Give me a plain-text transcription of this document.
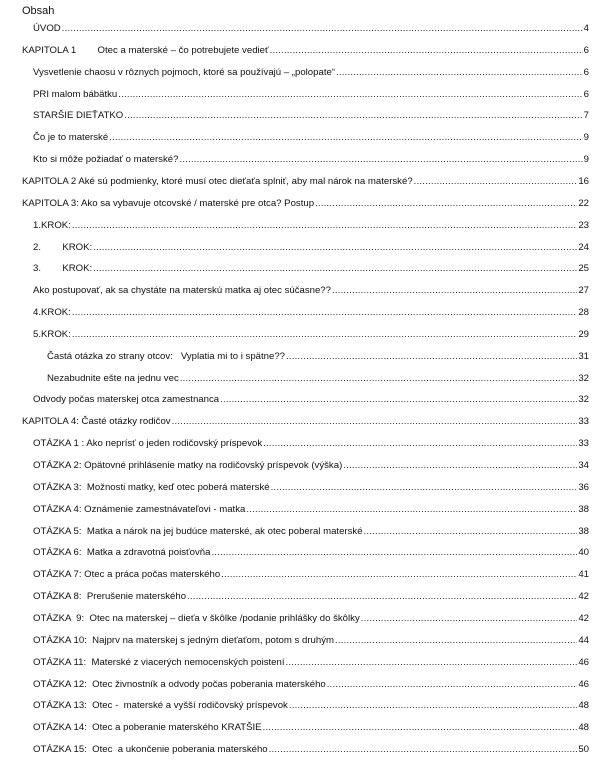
Obsah
ÚVOD .....	4
KAPITOLA 1        Otec a materské – čo potrebujete vedieť .....	6
Vysvetlenie chaosu v rôznych pojmoch, ktoré sa používajú – „polopate“ .....	6
PRI malom bábätku .....	6
STARŠIE DIEŤATKO .....	7
Čo je to materské .....	9
Kto si môže požiadať o materské? .....	9
KAPITOLA 2 Aké sú podmienky, ktoré musí otec dieťaťa splniť, aby mal nárok na materské? .....	16
KAPITOLA 3: Ako sa vybavuje otcovské / materské pre otca? Postup .....	22
1.KROK: .....	23
2.        KROK: .....	24
3.        KROK: .....	25
Ako postupovať, ak sa chystáte na materskú matka aj otec súčasne?? .....	27
4.KROK: .....	28
5.KROK: .....	29
Častá otázka zo strany otcov:   Vyplatia mi to i spätne?? .....	31
Nezabudnite ešte na jednu vec .....	32
Odvody počas materskej otca zamestnanca .....	32
KAPITOLA 4: Časté otázky rodičov .....	33
OTÁZKA 1 : Ako neprísť o jeden rodičovský príspevok .....	33
OTÁZKA 2: Opätovné prihlásenie matky na rodičovský príspevok (výška) .....	34
OTÁZKA 3:  Možnosti matky, keď otec poberá materské .....	36
OTÁZKA 4: Oznámenie zamestnávateľovi - matka .....	38
OTÁZKA 5:  Matka a nárok na jej budúce materské, ak otec poberal materské .....	38
OTÁZKA 6:  Matka a zdravotná poisťovňa .....	40
OTÁZKA 7: Otec a práca počas materského .....	41
OTÁZKA 8:  Prerušenie materského .....	42
OTÁZKA  9:  Otec na materskej – dieťa v škôlke /podanie prihlášky do škôlky .....	42
OTÁZKA 10:  Najprv na materskej s jedným dieťaťom, potom s druhým .....	44
OTÁZKA 11:  Materské z viacerých nemocenských poistení .....	46
OTÁZKA 12:  Otec živnostník a odvody počas poberania materského .....	46
OTÁZKA 13:  Otec -  materské a vyšší rodičovský príspevok .....	48
OTÁZKA 14:  Otec a poberanie materského KRATŠIE .....	48
OTÁZKA 15:  Otec  a ukončenie poberania materského .....	50
